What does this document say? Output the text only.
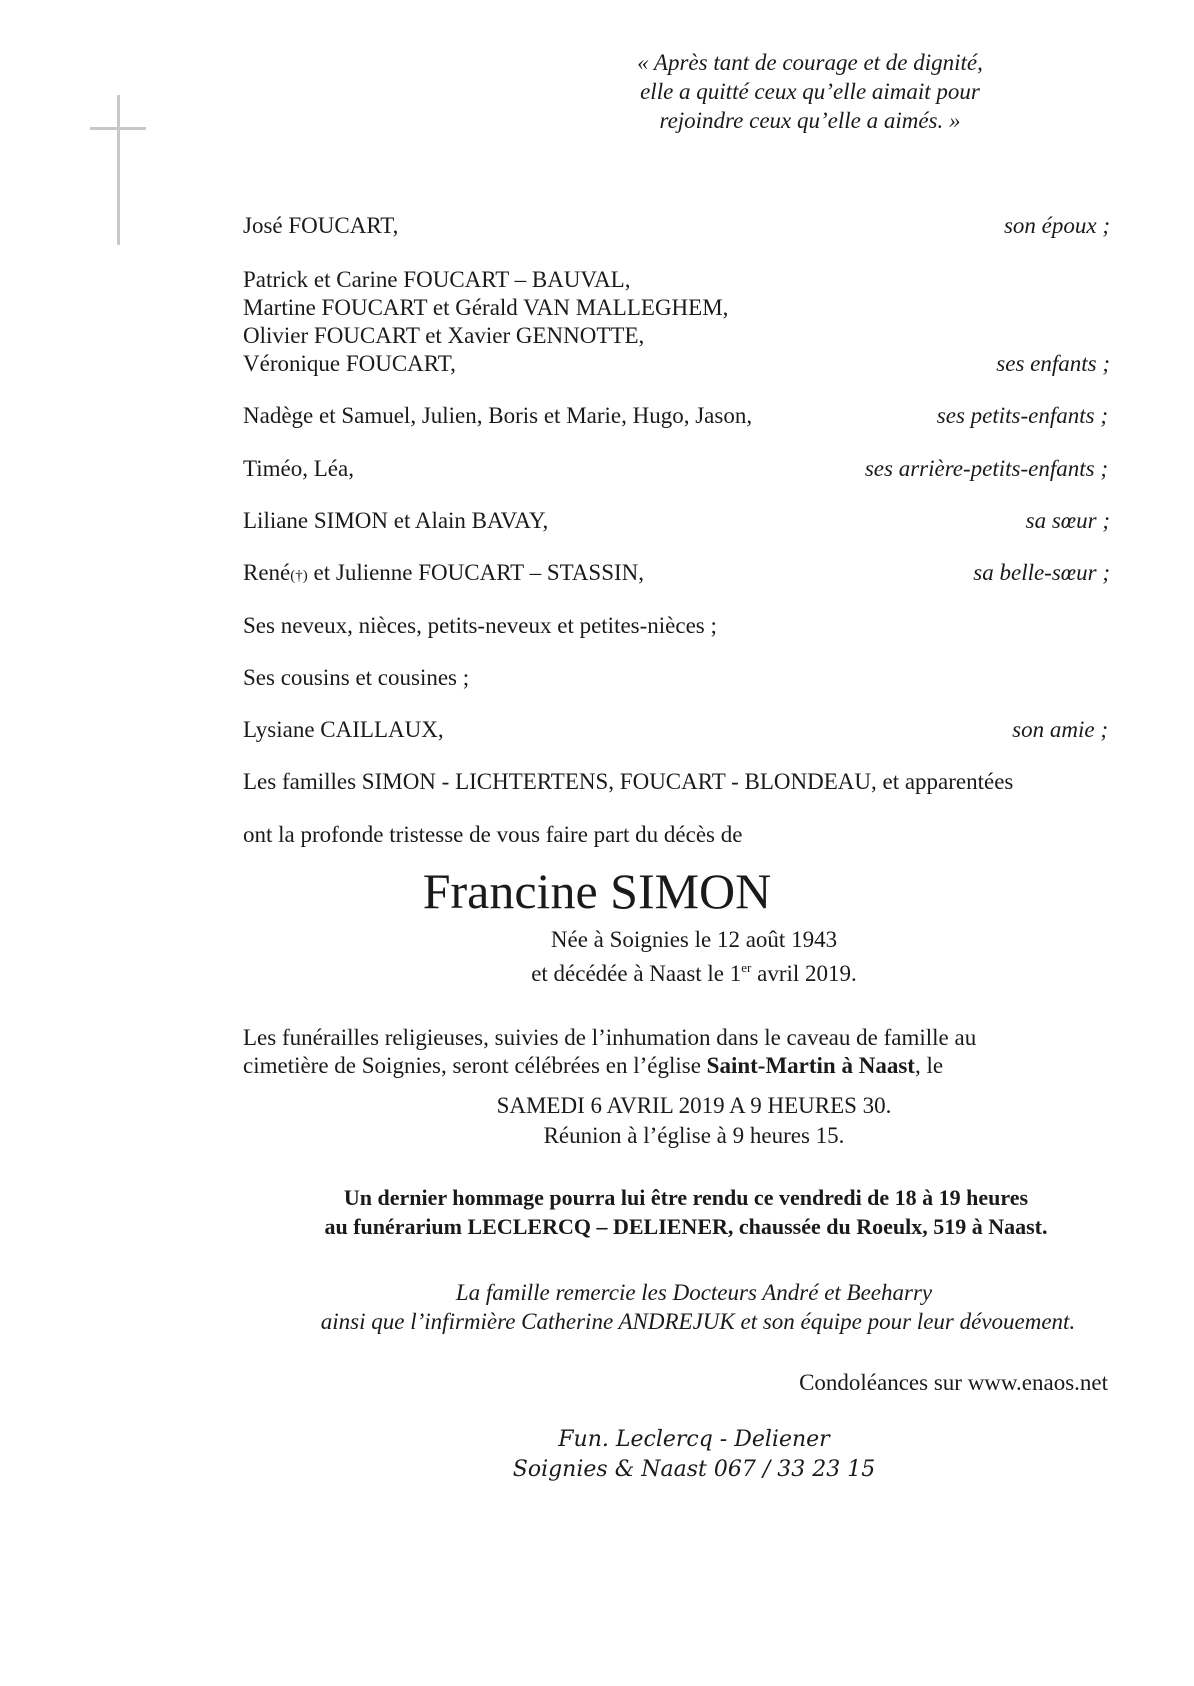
« Après tant de courage et de dignité,
elle a quitté ceux qu’elle aimait pour
rejoindre ceux qu’elle a aimés. »
José FOUCART,	son époux ;
Patrick et Carine FOUCART – BAUVAL,
Martine FOUCART et Gérald VAN MALLEGHEM,
Olivier FOUCART et Xavier GENNOTTE,
Véronique FOUCART,	ses enfants ;
Nadège et Samuel, Julien, Boris et Marie, Hugo, Jason,	ses petits-enfants ;
Timéo, Léa,	ses arrière-petits-enfants ;
Liliane SIMON et Alain BAVAY,	sa sœur ;
René(†) et Julienne FOUCART – STASSIN,	sa belle-sœur ;
Ses neveux, nièces, petits-neveux et petites-nièces ;
Ses cousins et cousines ;
Lysiane CAILLAUX,	son amie ;
Les familles SIMON - LICHTERTENS, FOUCART - BLONDEAU, et apparentées
ont la profonde tristesse de vous faire part du décès de
Francine SIMON
Née à Soignies le 12 août 1943
et décédée à Naast le 1er avril 2019.
Les funérailles religieuses, suivies de l’inhumation dans le caveau de famille au
cimetière de Soignies, seront célébrées en l’église Saint-Martin à Naast, le
SAMEDI 6 AVRIL 2019 A 9 HEURES 30.
Réunion à l’église à 9 heures 15.
Un dernier hommage pourra lui être rendu ce vendredi de 18 à 19 heures
au funérarium LECLERCQ – DELIENER, chaussée du Roeulx, 519 à Naast.
La famille remercie les Docteurs André et Beeharry
ainsi que l’infirmière Catherine ANDREJUK et son équipe pour leur dévouement.
Condoléances sur www.enaos.net
Fun. Leclercq - Deliener
Soignies & Naast 067 / 33 23 15
